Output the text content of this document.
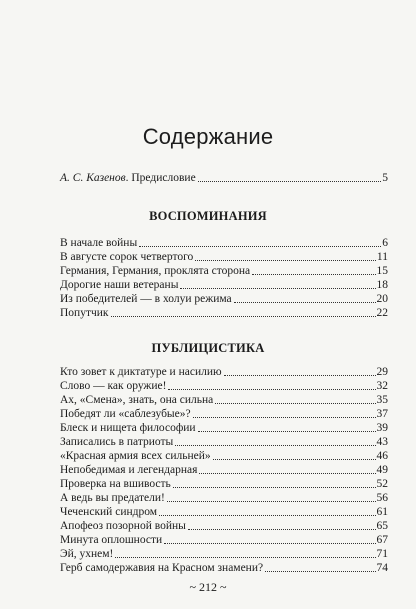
Содержание
А. С. Казенов. Предисловие	5
ВОСПОМИНАНИЯ
В начале войны	6
В августе сорок четвертого	11
Германия, Германия, проклята сторона	15
Дорогие наши ветераны	18
Из победителей — в холуи режима	20
Попутчик	22
ПУБЛИЦИСТИКА
Кто зовет к диктатуре и насилию	29
Слово — как оружие!	32
Ах, «Смена», знать, она сильна	35
Победят ли «саблезубые»?	37
Блеск и нищета философии	39
Записались в патриоты	43
«Красная армия всех сильней»	46
Непобедимая и легендарная	49
Проверка на вшивость	52
А ведь вы предатели!	56
Чеченский синдром	61
Апофеоз позорной войны	65
Минута оплошности	67
Эй, ухнем!	71
Герб самодержавия на Красном знамени?	74
~ 212 ~
